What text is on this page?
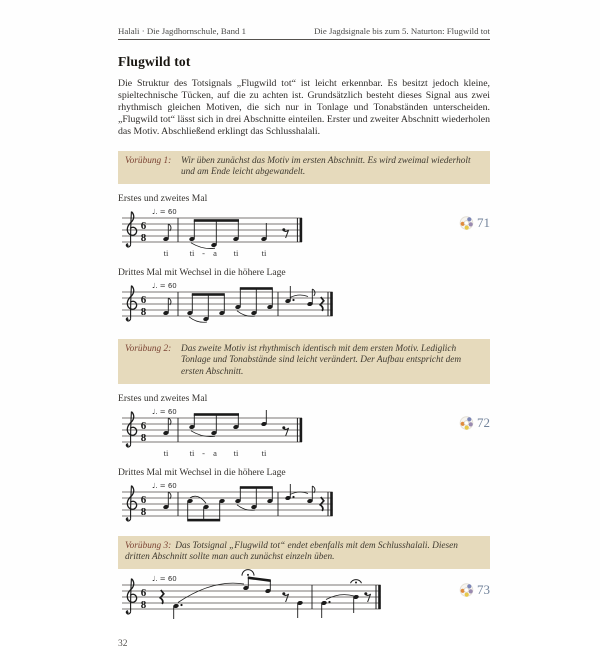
Halali · Die Jagdhornschule, Band 1	Die Jagdsignale bis zum 5. Naturton: Flugwild tot
Flugwild tot

Die Struktur des Totsignals „Flugwild tot“ ist leicht erkennbar. Es besitzt jedoch kleine, spieltechnische Tücken, auf die zu achten ist. Grundsätzlich besteht dieses Signal aus zwei rhythmisch gleichen Motiven, die sich nur in Tonlage und Tonabständen unterscheiden. „Flugwild tot“ lässt sich in drei Abschnitte einteilen. Erster und zweiter Abschnitt wiederholen das Motiv. Abschließend erklingt das Schlusshalali.

Vorübung 1:	Wir üben zunächst das Motiv im ersten Abschnitt. Es wird zweimal wiederholt und am Ende leicht abgewandelt.

Erstes und zweites Mal

♩. = 60
ti	ti - a ti	ti
71

Drittes Mal mit Wechsel in die höhere Lage

♩. = 60
Vorübung 2:	Das zweite Motiv ist rhythmisch identisch mit dem ersten Motiv. Lediglich Tonlage und Tonabstände sind leicht verändert. Der Aufbau entspricht dem ersten Abschnitt.

Erstes und zweites Mal

♩. = 60
ti	ti - a ti	ti
72

Drittes Mal mit Wechsel in die höhere Lage

♩. = 60
Vorübung 3: Das Totsignal „Flugwild tot“ endet ebenfalls mit dem Schlusshalali. Diesen dritten Abschnitt sollte man auch zunächst einzeln üben.
♩. = 60
73
32
